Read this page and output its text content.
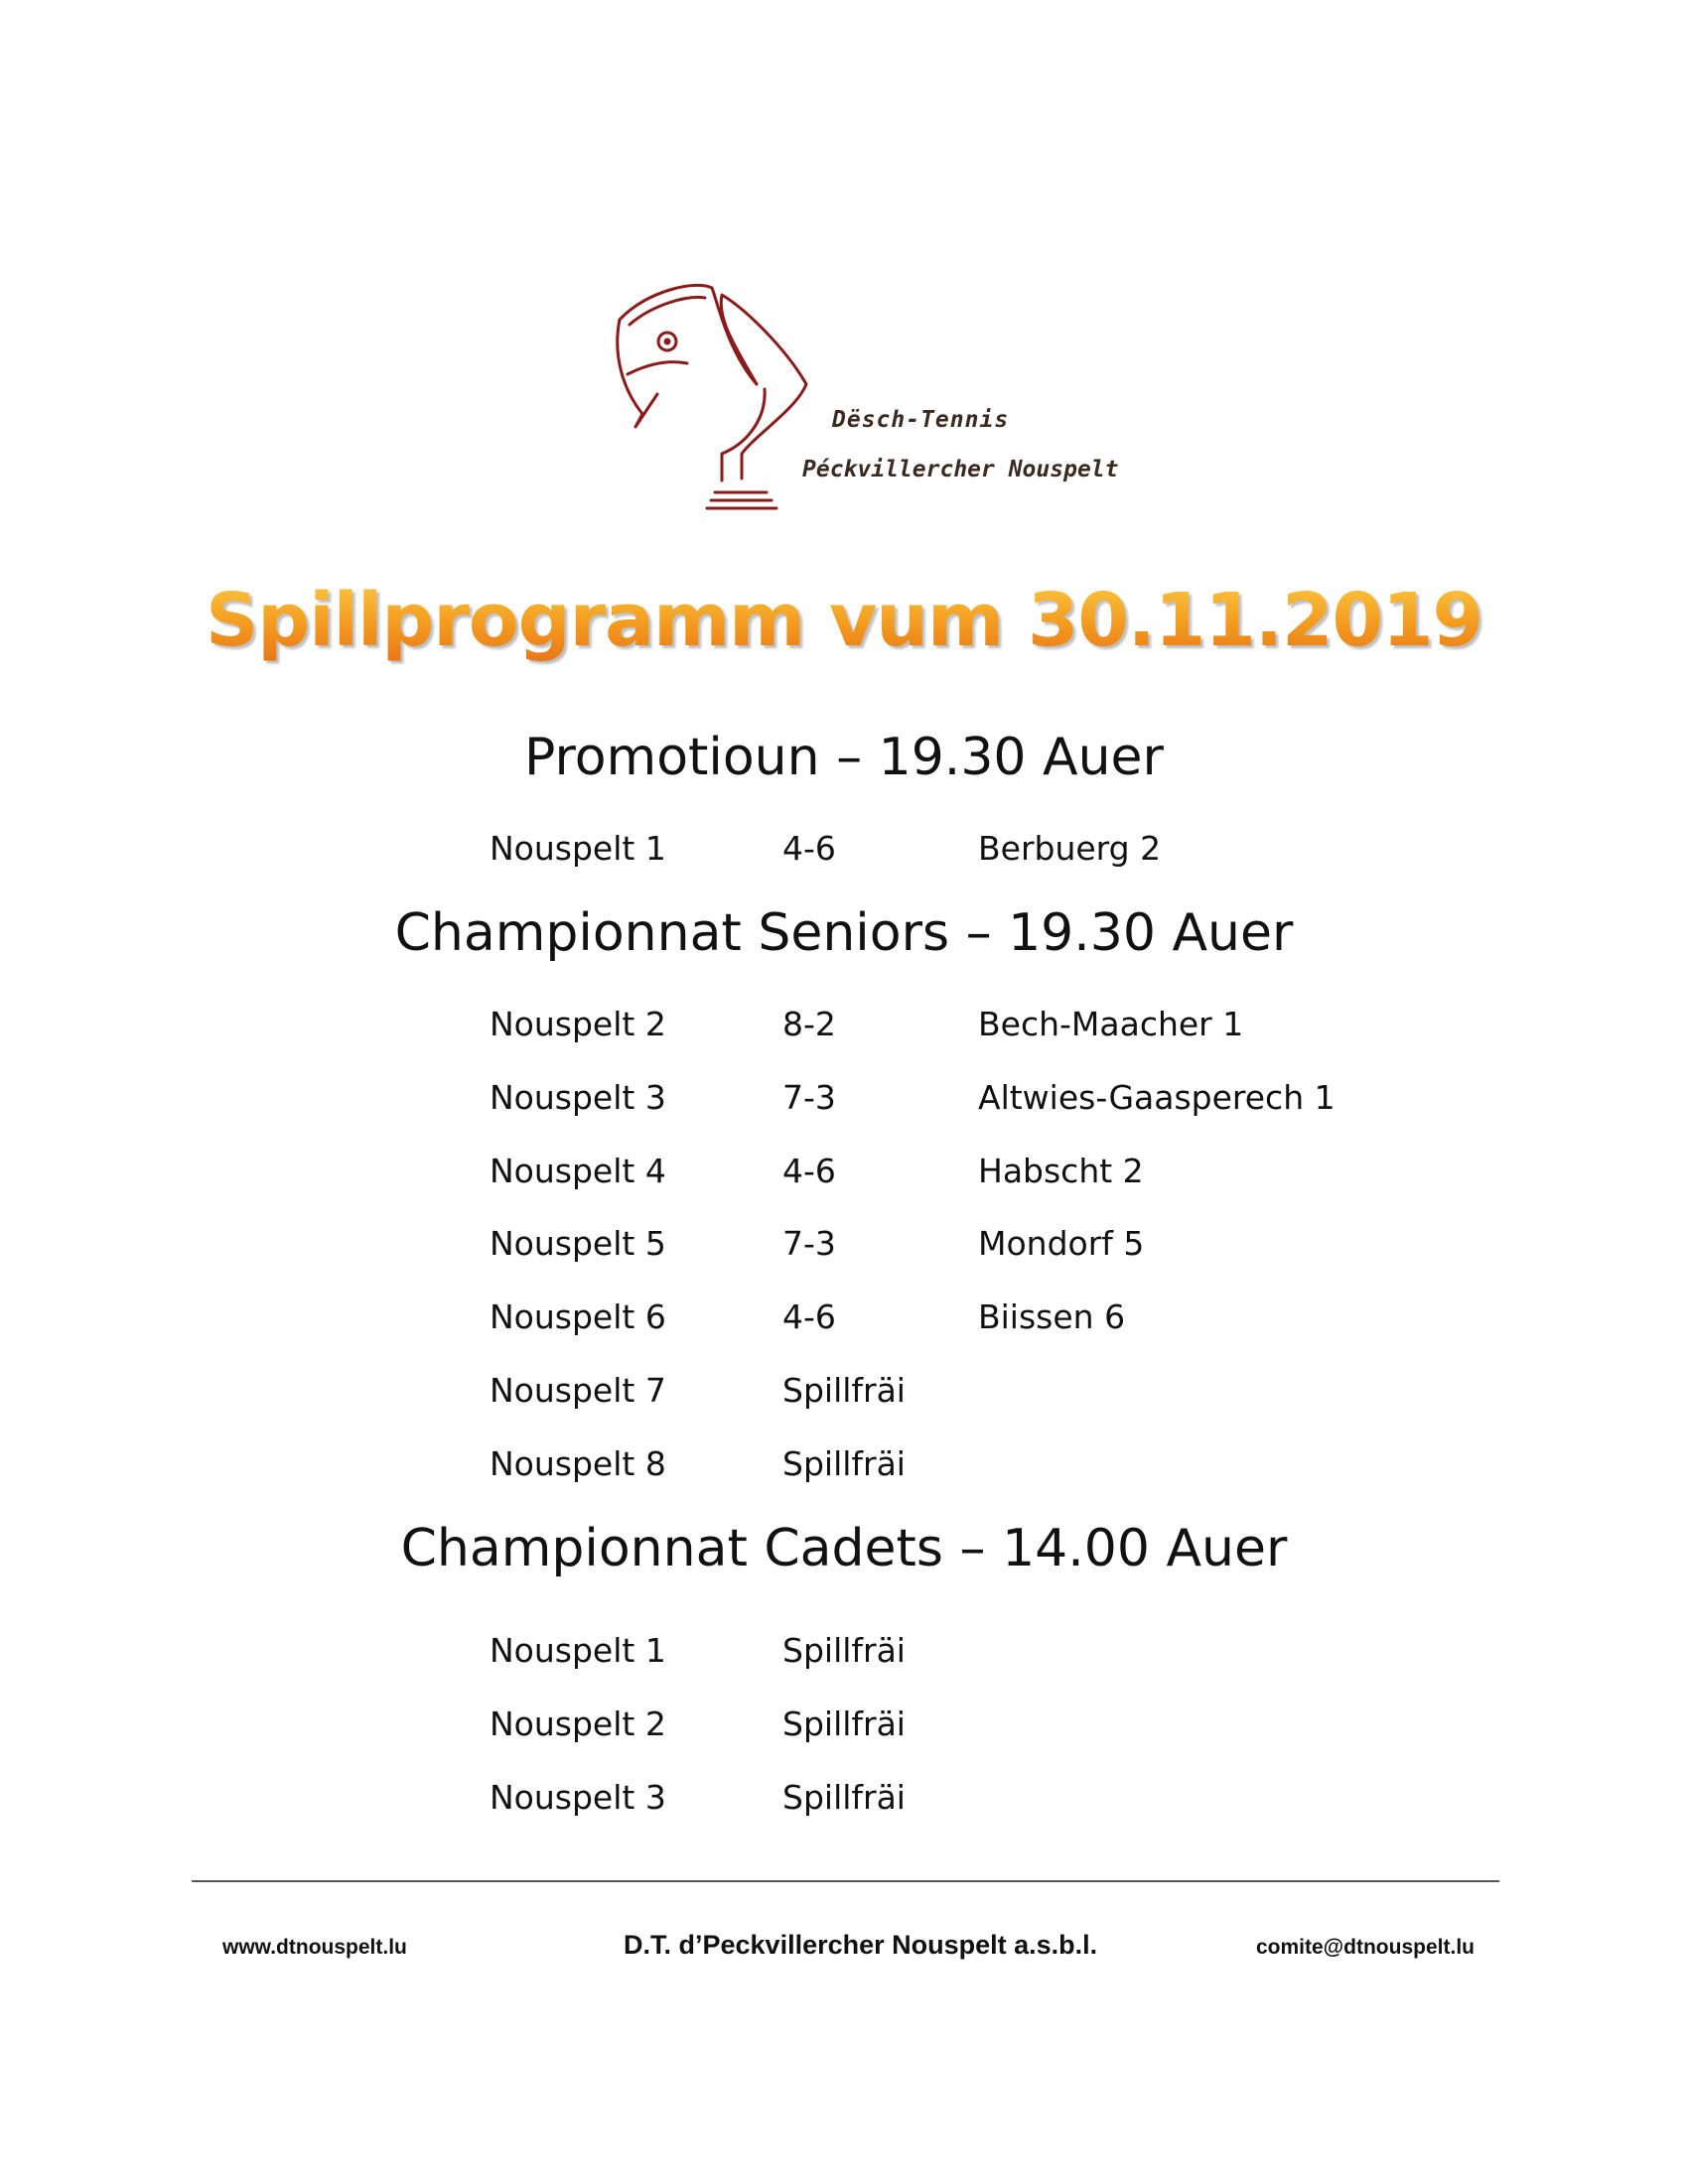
Dësch-Tennis
Péckvillercher Nouspelt
Spillprogramm vum 30.11.2019
Promotioun – 19.30 Auer
Nouspelt 1	4-6	Berbuerg 2
Championnat Seniors – 19.30 Auer
Nouspelt 2	8-2	Bech-Maacher 1
Nouspelt 3	7-3	Altwies-Gaasperech 1
Nouspelt 4	4-6	Habscht 2
Nouspelt 5	7-3	Mondorf 5
Nouspelt 6	4-6	Biissen 6
Nouspelt 7	Spillfräi
Nouspelt 8	Spillfräi
Championnat Cadets – 14.00 Auer
Nouspelt 1	Spillfräi
Nouspelt 2	Spillfräi
Nouspelt 3	Spillfräi
www.dtnouspelt.lu	D.T. d’Peckvillercher Nouspelt a.s.b.l.	comite@dtnouspelt.lu
